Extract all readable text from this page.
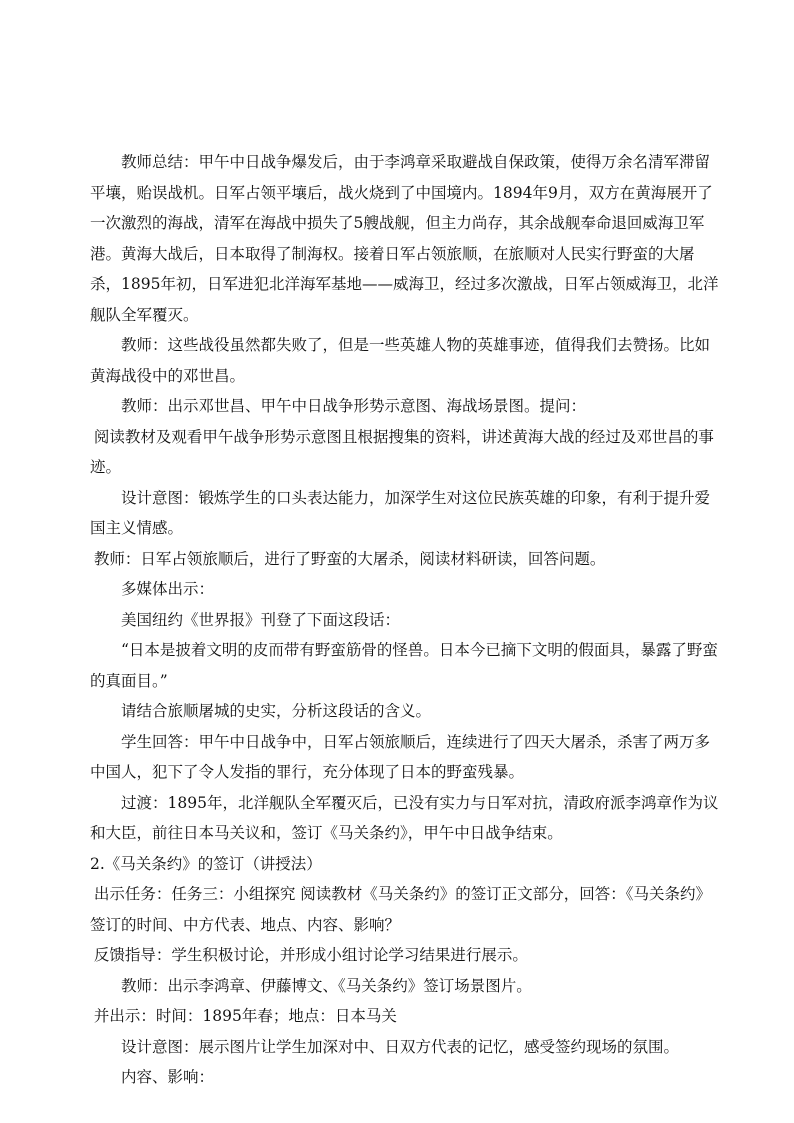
教师总结：甲午中日战争爆发后，由于李鸿章采取避战自保政策，使得万余名清军滞留平壤，贻误战机。日军占领平壤后，战火烧到了中国境内。1894年9月，双方在黄海展开了一次激烈的海战，清军在海战中损失了5艘战舰，但主力尚存，其余战舰奉命退回威海卫军港。黄海大战后，日本取得了制海权。接着日军占领旅顺，在旅顺对人民实行野蛮的大屠杀，1895年初，日军进犯北洋海军基地——威海卫，经过多次激战，日军占领威海卫，北洋舰队全军覆灭。

教师：这些战役虽然都失败了，但是一些英雄人物的英雄事迹，值得我们去赞扬。比如黄海战役中的邓世昌。

教师：出示邓世昌、甲午中日战争形势示意图、海战场景图。提问：

阅读教材及观看甲午战争形势示意图且根据搜集的资料，讲述黄海大战的经过及邓世昌的事迹。

设计意图：锻炼学生的口头表达能力，加深学生对这位民族英雄的印象，有利于提升爱国主义情感。

教师：日军占领旅顺后，进行了野蛮的大屠杀，阅读材料研读，回答问题。

多媒体出示：

美国纽约《世界报》刊登了下面这段话：

“日本是披着文明的皮而带有野蛮筋骨的怪兽。日本今已摘下文明的假面具，暴露了野蛮的真面目。”

请结合旅顺屠城的史实，分析这段话的含义。

学生回答：甲午中日战争中，日军占领旅顺后，连续进行了四天大屠杀，杀害了两万多中国人，犯下了令人发指的罪行，充分体现了日本的野蛮残暴。

过渡：1895年，北洋舰队全军覆灭后，已没有实力与日军对抗，清政府派李鸿章作为议和大臣，前往日本马关议和，签订《马关条约》，甲午中日战争结束。

2.《马关条约》的签订（讲授法）

出示任务：任务三：小组探究 阅读教材《马关条约》的签订正文部分，回答：《马关条约》签订的时间、中方代表、地点、内容、影响？

反馈指导：学生积极讨论，并形成小组讨论学习结果进行展示。

教师：出示李鸿章、伊藤博文、《马关条约》签订场景图片。

并出示：时间：1895年春；地点：日本马关

设计意图：展示图片让学生加深对中、日双方代表的记忆，感受签约现场的氛围。

内容、影响：
